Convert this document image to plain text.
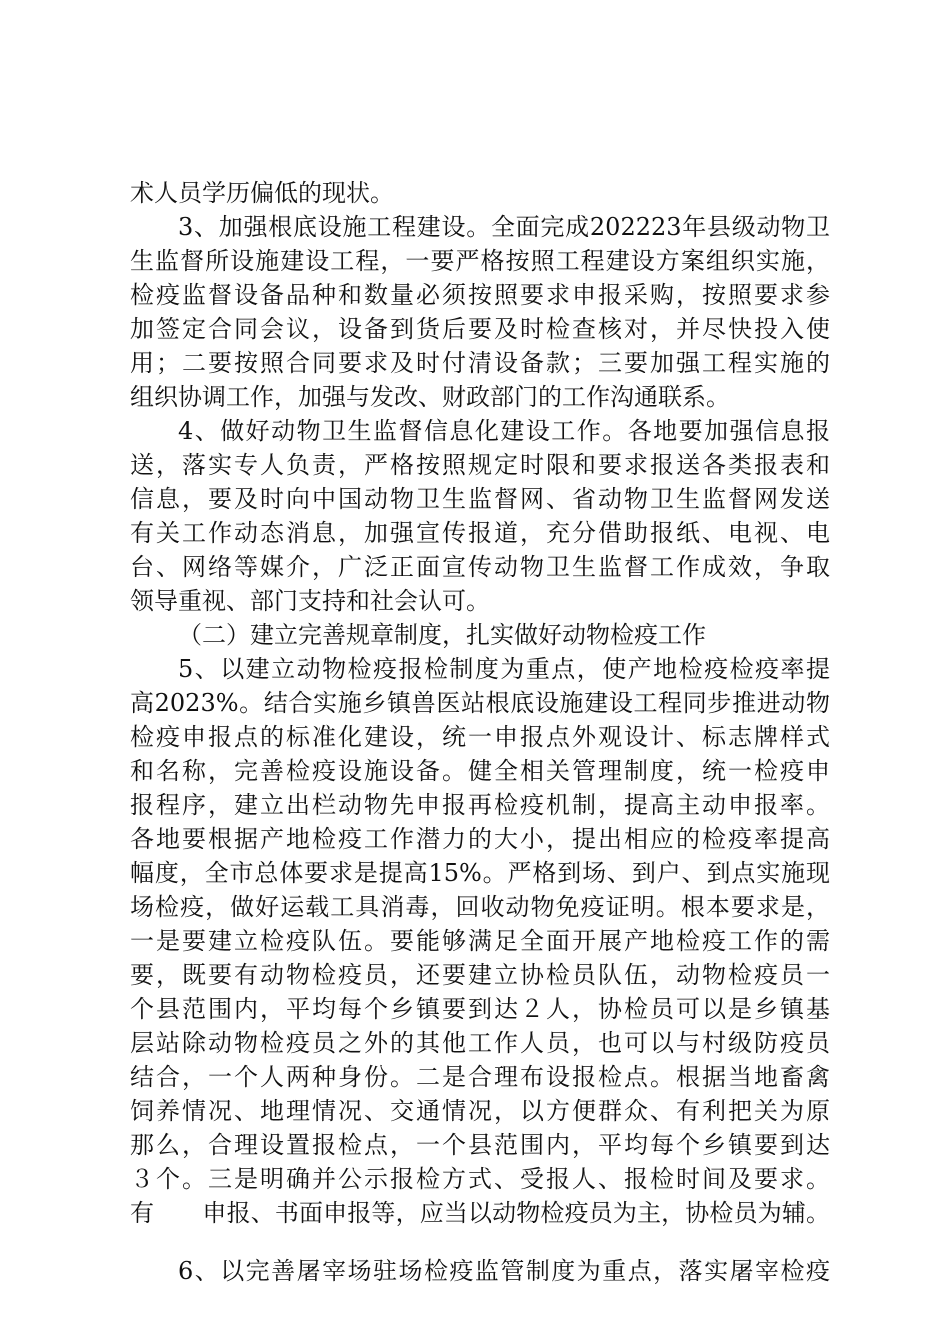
术人员学历偏低的现状。
3、加强根底设施工程建设。全面完成202223年县级动物卫
生监督所设施建设工程，一要严格按照工程建设方案组织实施，
检疫监督设备品种和数量必须按照要求申报采购，按照要求参
加签定合同会议，设备到货后要及时检查核对，并尽快投入使
用；二要按照合同要求及时付清设备款；三要加强工程实施的
组织协调工作，加强与发改、财政部门的工作沟通联系。
4、做好动物卫生监督信息化建设工作。各地要加强信息报
送，落实专人负责，严格按照规定时限和要求报送各类报表和
信息，要及时向中国动物卫生监督网、省动物卫生监督网发送
有关工作动态消息，加强宣传报道，充分借助报纸、电视、电
台、网络等媒介，广泛正面宣传动物卫生监督工作成效，争取
领导重视、部门支持和社会认可。
（二）建立完善规章制度，扎实做好动物检疫工作
5、以建立动物检疫报检制度为重点，使产地检疫检疫率提
高2023%。结合实施乡镇兽医站根底设施建设工程同步推进动物
检疫申报点的标准化建设，统一申报点外观设计、标志牌样式
和名称，完善检疫设施设备。健全相关管理制度，统一检疫申
报程序，建立出栏动物先申报再检疫机制，提高主动申报率。
各地要根据产地检疫工作潜力的大小，提出相应的检疫率提高
幅度，全市总体要求是提高15%。严格到场、到户、到点实施现
场检疫，做好运载工具消毒，回收动物免疫证明。根本要求是，
一是要建立检疫队伍。要能够满足全面开展产地检疫工作的需
要，既要有动物检疫员，还要建立协检员队伍，动物检疫员一
个县范围内，平均每个乡镇要到达２人，协检员可以是乡镇基
层站除动物检疫员之外的其他工作人员，也可以与村级防疫员
结合，一个人两种身份。二是合理布设报检点。根据当地畜禽
饲养情况、地理情况、交通情况，以方便群众、有利把关为原
那么，合理设置报检点，一个县范围内，平均每个乡镇要到达
３个。三是明确并公示报检方式、受报人、报检时间及要求。
有　　申报、书面申报等，应当以动物检疫员为主，协检员为辅。
6、以完善屠宰场驻场检疫监管制度为重点，落实屠宰检疫
